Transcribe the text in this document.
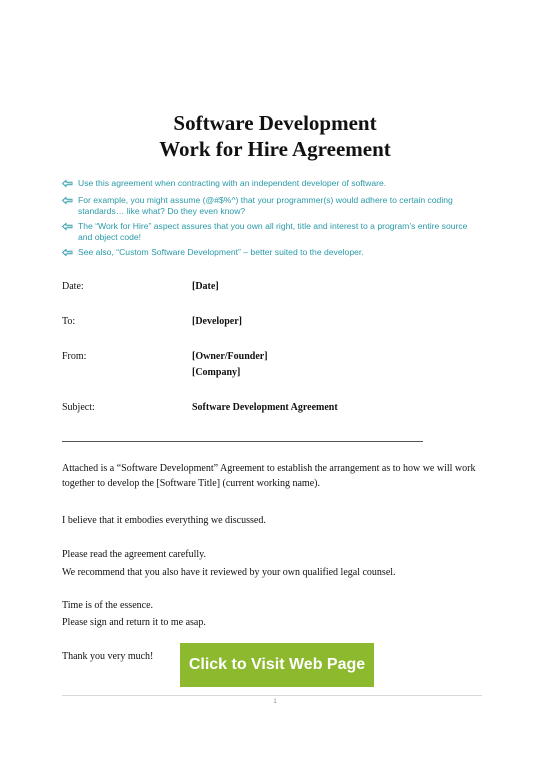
Software Development
Work for Hire Agreement
Use this agreement when contracting with an independent developer of software.
For example, you might assume (@#$%^) that your programmer(s) would adhere to certain coding standards… like what? Do they even know?
The “Work for Hire” aspect assures that you own all right, title and interest to a program’s entire source and object code!
See also, “Custom Software Development” – better suited to the developer.
Date:	[Date]
To:	[Developer]
From:	[Owner/Founder]
[Company]
Subject:	Software Development Agreement
Attached is a “Software Development” Agreement to establish the arrangement as to how we will work together to develop the [Software Title] (current working name).
I believe that it embodies everything we discussed.
Please read the agreement carefully.
We recommend that you also have it reviewed by your own qualified legal counsel.
Time is of the essence.
Please sign and return it to me asap.
Thank you very much!	Click to Visit Web Page
1
